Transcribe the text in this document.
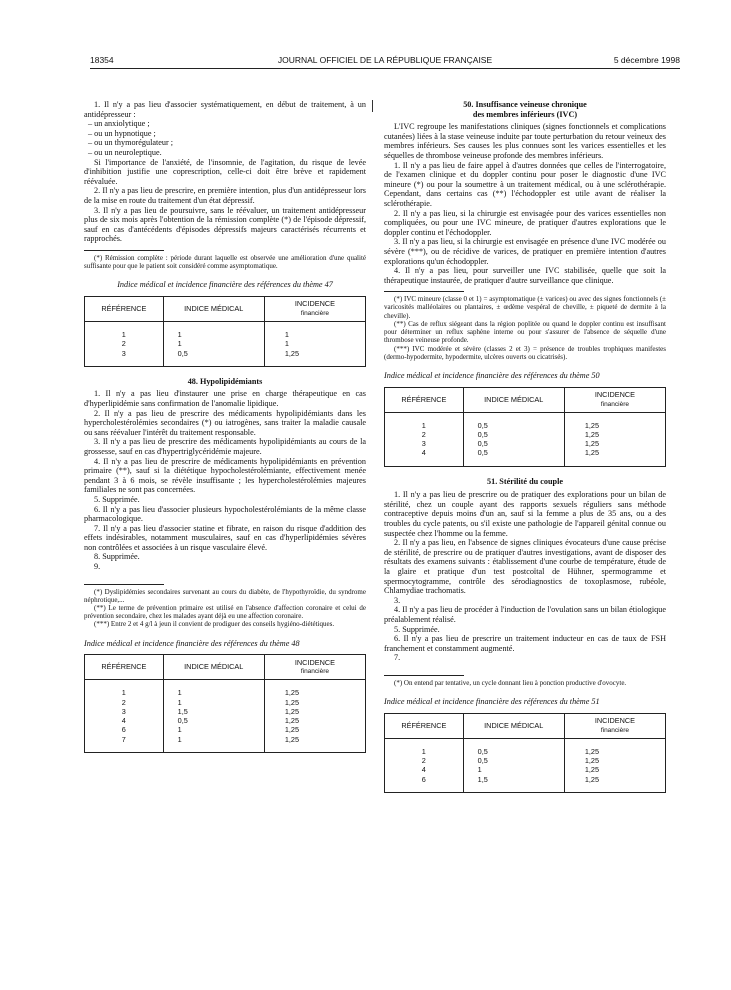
JOURNAL OFFICIEL DE LA RÉPUBLIQUE FRANÇAISE
18354	5 décembre 1998

1. Il n'y a pas lieu d'associer systématiquement, en début de traitement, à un antidépresseur :

– un anxiolytique ;

– ou un hypnotique ;

– ou un thymorégulateur ;

– ou un neuroleptique.

Si l'importance de l'anxiété, de l'insomnie, de l'agitation, du risque de levée d'inhibition justifie une coprescription, celle-ci doit être brève et rapidement réévaluée.

2. Il n'y a pas lieu de prescrire, en première intention, plus d'un antidépresseur lors de la mise en route du traitement d'un état dépressif.

3. Il n'y a pas lieu de poursuivre, sans le réévaluer, un traitement antidépresseur plus de six mois après l'obtention de la rémission complète (*) de l'épisode dépressif, sauf en cas d'antécédents d'épisodes dépressifs majeurs caractérisés récurrents et rapprochés.

(*) Rémission complète : période durant laquelle est observée une amélioration d'une qualité suffisante pour que le patient soit considéré comme asymptomatique.

Indice médical et incidence financière des références du thème 47

RÉFÉRENCE	INDICE MÉDICAL	INCIDENCE
financière

1	1	1
2	1	1
3	0,5	1,25

48. Hypolipidémiants

1. Il n'y a pas lieu d'instaurer une prise en charge thérapeutique en cas d'hyperlipidémie sans confirmation de l'anomalie lipidique.

2. Il n'y a pas lieu de prescrire des médicaments hypolipidémiants dans les hypercholestérolémies secondaires (*) ou iatrogènes, sans traiter la maladie causale ou sans réévaluer l'intérêt du traitement responsable.

3. Il n'y a pas lieu de prescrire des médicaments hypolipidémiants au cours de la grossesse, sauf en cas d'hypertriglycéridémie majeure.

4. Il n'y a pas lieu de prescrire de médicaments hypolipidémiants en prévention primaire (**), sauf si la diététique hypocholestérolémiante, effectivement menée pendant 3 à 6 mois, se révèle insuffisante ; les hypercholestérolémies majeures familiales ne sont pas concernées.

5. Supprimée.

6. Il n'y a pas lieu d'associer plusieurs hypocholestérolémiants de la même classe pharmacologique.

7. Il n'y a pas lieu d'associer statine et fibrate, en raison du risque d'addition des effets indésirables, notamment musculaires, sauf en cas d'hyperlipidémies sévères non contrôlées et associées à un risque vasculaire élevé.

8. Supprimée.

9.

(*) Dyslipidémies secondaires survenant au cours du diabète, de l'hypothyroïdie, du syndrome néphrotique,...

(**) Le terme de prévention primaire est utilisé en l'absence d'affection coronaire et celui de prévention secondaire, chez les malades ayant déjà eu une affection coronaire.

(***) Entre 2 et 4 g/l à jeun il convient de prodiguer des conseils hygiéno-diététiques.

Indice médical et incidence financière des références du thème 48

RÉFÉRENCE	INDICE MÉDICAL	INCIDENCE
financière

1	1	1,25
2	1	1,25
3	1,5	1,25
4	0,5	1,25
6	1	1,25
7	1	1,25

50. Insuffisance veineuse chronique

des membres inférieurs (IVC)

L'IVC regroupe les manifestations cliniques (signes fonctionnels et complications cutanées) liées à la stase veineuse induite par toute perturbation du retour veineux des membres inférieurs. Ses causes les plus connues sont les varices essentielles et les séquelles de thrombose veineuse profonde des membres inférieurs.

1. Il n'y a pas lieu de faire appel à d'autres données que celles de l'interrogatoire, de l'examen clinique et du doppler continu pour poser le diagnostic d'une IVC mineure (*) ou pour la soumettre à un traitement médical, ou à une sclérothérapie. Cependant, dans certains cas (**) l'échodoppler est utile avant de réaliser la sclérothérapie.

2. Il n'y a pas lieu, si la chirurgie est envisagée pour des varices essentielles non compliquées, ou pour une IVC mineure, de pratiquer d'autres explorations que le doppler continu et l'échodoppler.

3. Il n'y a pas lieu, si la chirurgie est envisagée en présence d'une IVC modérée ou sévère (***), ou de récidive de varices, de pratiquer en première intention d'autres explorations qu'un échodoppler.

4. Il n'y a pas lieu, pour surveiller une IVC stabilisée, quelle que soit la thérapeutique instaurée, de pratiquer d'autre surveillance que clinique.

(*) IVC mineure (classe 0 et 1) = asymptomatique (± varices) ou avec des signes fonctionnels (± varicosités malléolaires ou plantaires, ± œdème vespéral de cheville, ± piqueté de dermite à la cheville).

(**) Cas de reflux siégeant dans la région poplitée ou quand le doppler continu est insuffisant pour déterminer un reflux saphène interne ou pour s'assurer de l'absence de séquelle d'une thrombose veineuse profonde.

(***) IVC modérée et sévère (classes 2 et 3) = présence de troubles trophiques manifestes (dermo-hypodermite, hypodermite, ulcères ouverts ou cicatrisés).

Indice médical et incidence financière des références du thème 50

RÉFÉRENCE	INDICE MÉDICAL	INCIDENCE
financière

1	0,5	1,25
2	0,5	1,25
3	0,5	1,25
4	0,5	1,25

51. Stérilité du couple

1. Il n'y a pas lieu de prescrire ou de pratiquer des explorations pour un bilan de stérilité, chez un couple ayant des rapports sexuels réguliers sans méthode contraceptive depuis moins d'un an, sauf si la femme a plus de 35 ans, ou a des troubles du cycle patents, ou s'il existe une pathologie de l'appareil génital connue ou suspectée chez l'homme ou la femme.

2. Il n'y a pas lieu, en l'absence de signes cliniques évocateurs d'une cause précise de stérilité, de prescrire ou de pratiquer d'autres investigations, avant de disposer des résultats des examens suivants : établissement d'une courbe de température, étude de la glaire et pratique d'un test postcoïtal de Hühner, spermogramme et spermocytogramme, contrôle des sérodiagnostics de toxoplasmose, rubéole, Chlamydiae trachomatis.

3.

4. Il n'y a pas lieu de procéder à l'induction de l'ovulation sans un bilan étiologique préalablement réalisé.

5. Supprimée.

6. Il n'y a pas lieu de prescrire un traitement inducteur en cas de taux de FSH franchement et constamment augmenté.

7.

(*) On entend par tentative, un cycle donnant lieu à ponction productive d'ovocyte.

Indice médical et incidence financière des références du thème 51

RÉFÉRENCE	INDICE MÉDICAL	INCIDENCE
financière

1	0,5	1,25
2	0,5	1,25
4	1	1,25
6	1,5	1,25
